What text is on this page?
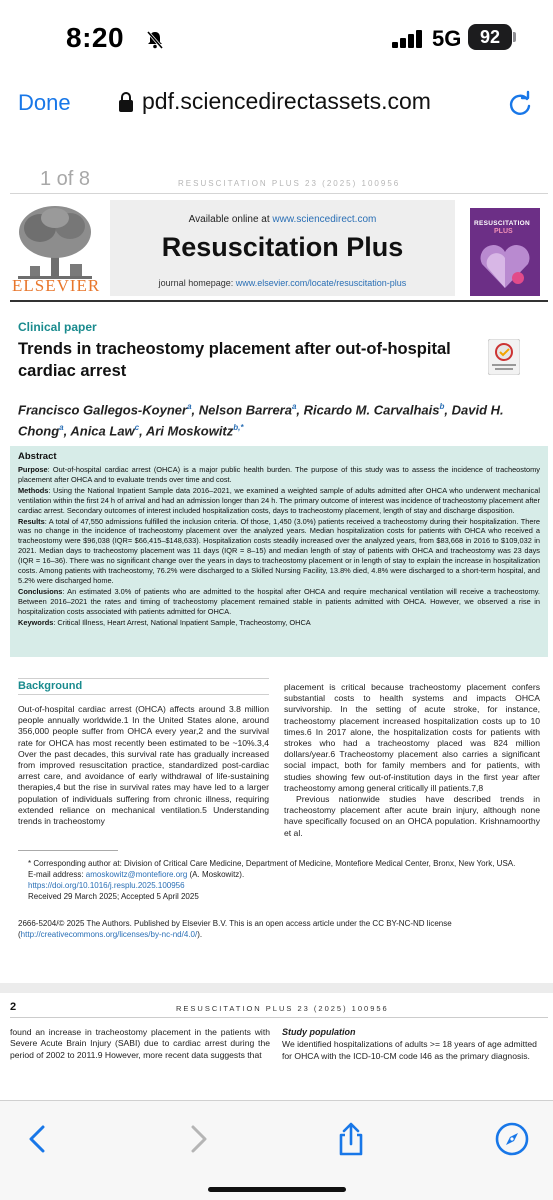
8:20	5G	92
Done	pdf.sciencedirectassets.com
1 of 8	RESUSCITATION PLUS 23 (2025) 100956
ELSEVIER
Available online at www.sciencedirect.com
Resuscitation Plus
journal homepage: www.elsevier.com/locate/resuscitation-plus
RESUSCITATION
PLUS
Clinical paper
Trends in tracheostomy placement after out-of-hospital cardiac arrest
Francisco Gallegos-Koyner$^a$, Nelson Barrera$^a$, Ricardo M. Carvalhais$^b$, David H. Chong$^a$, Anica Law$^c$, Ari Moskowitz$^{b,*}$
Abstract

Purpose: Out-of-hospital cardiac arrest (OHCA) is a major public health burden. The purpose of this study was to assess the incidence of tracheostomy placement after OHCA and to evaluate trends over time and cost.

Methods: Using the National Inpatient Sample data 2016–2021, we examined a weighted sample of adults admitted after OHCA who underwent mechanical ventilation within the first 24 h of arrival and had an admission longer than 24 h. The primary outcome of interest was incidence of tracheostomy placement after cardiac arrest. Secondary outcomes of interest included hospitalization costs, days to tracheostomy placement, length of stay and discharge disposition.

Results: A total of 47,550 admissions fulfilled the inclusion criteria. Of those, 1,450 (3.0%) patients received a tracheostomy during their hospitalization. There was no change in the incidence of tracheostomy placement over the analyzed years. Median hospitalization costs for patients with OHCA who received a tracheostomy were $96,038 (IQR= $66,415–$148,633). Hospitalization costs steadily increased over the analyzed years, from $83,668 in 2016 to $109,032 in 2021. Median days to tracheostomy placement was 11 days (IQR = 8–15) and median length of stay of patients with OHCA and tracheostomy was 23 days (IQR = 16–36). There was no significant change over the years in days to tracheostomy placement or in length of stay to explain the increase in hospitalization costs. Among patients with tracheostomy, 76.2% were discharged to a Skilled Nursing Facility, 13.8% died, 4.8% were discharged to a short-term hospital, and 5.2% were discharged home.

Conclusions: An estimated 3.0% of patients who are admitted to the hospital after OHCA and require mechanical ventilation will receive a tracheostomy. Between 2016–2021 the rates and timing of tracheostomy placement remained stable in patients admitted with OHCA. However, we observed a rise in hospitalization costs associated with patients admitted for OHCA.

Keywords: Critical Illness, Heart Arrest, National Inpatient Sample, Tracheostomy, OHCA

Background
Out-of-hospital cardiac arrest (OHCA) affects around 3.8 million people annually worldwide.1 In the United States alone, around 356,000 people suffer from OHCA every year,2 and the survival rate for OHCA has most recently been estimated to be ~10%.3,4 Over the past decades, this survival rate has gradually increased from improved resuscitation practice, standardized post-cardiac arrest care, and avoidance of early withdrawal of life-sustaining therapies,4 but the rise in survival rates may have led to a larger population of individuals suffering from chronic illness, requiring extended reliance on mechanical ventilation.5 Understanding trends in tracheostomy
placement is critical because tracheostomy placement confers substantial costs to health systems and impacts OHCA survivorship. In the setting of acute stroke, for instance, tracheostomy placement increased hospitalization costs up to 10 times.6 In 2017 alone, the hospitalization costs for patients with strokes who had a tracheostomy placed was 824 million dollars/year.6 Tracheostomy placement also carries a significant social impact, both for family members and for patients, with studies showing few out-of-institution days in the first year after tracheostomy among general critically ill patients.7,8
Previous nationwide studies have described trends in tracheostomy placement after acute brain injury, although none have specifically focused on an OHCA population. Krishnamoorthy et al.
* Corresponding author at: Division of Critical Care Medicine, Department of Medicine, Montefiore Medical Center, Bronx, New York, USA.
E-mail address: amoskowitz@montefiore.org (A. Moskowitz).
https://doi.org/10.1016/j.resplu.2025.100956
Received 29 March 2025; Accepted 5 April 2025
2666-5204/© 2025 The Authors. Published by Elsevier B.V. This is an open access article under the CC BY-NC-ND license (http://creativecommons.org/licenses/by-nc-nd/4.0/).
2	RESUSCITATION PLUS 23 (2025) 100956
found an increase in tracheostomy placement in the patients with Severe Acute Brain Injury (SABI) due to cardiac arrest during the period of 2002 to 2011.9 However, more recent data suggests that
Study population
We identified hospitalizations of adults >= 18 years of age admitted for OHCA with the ICD-10-CM code I46 as the primary diagnosis.
